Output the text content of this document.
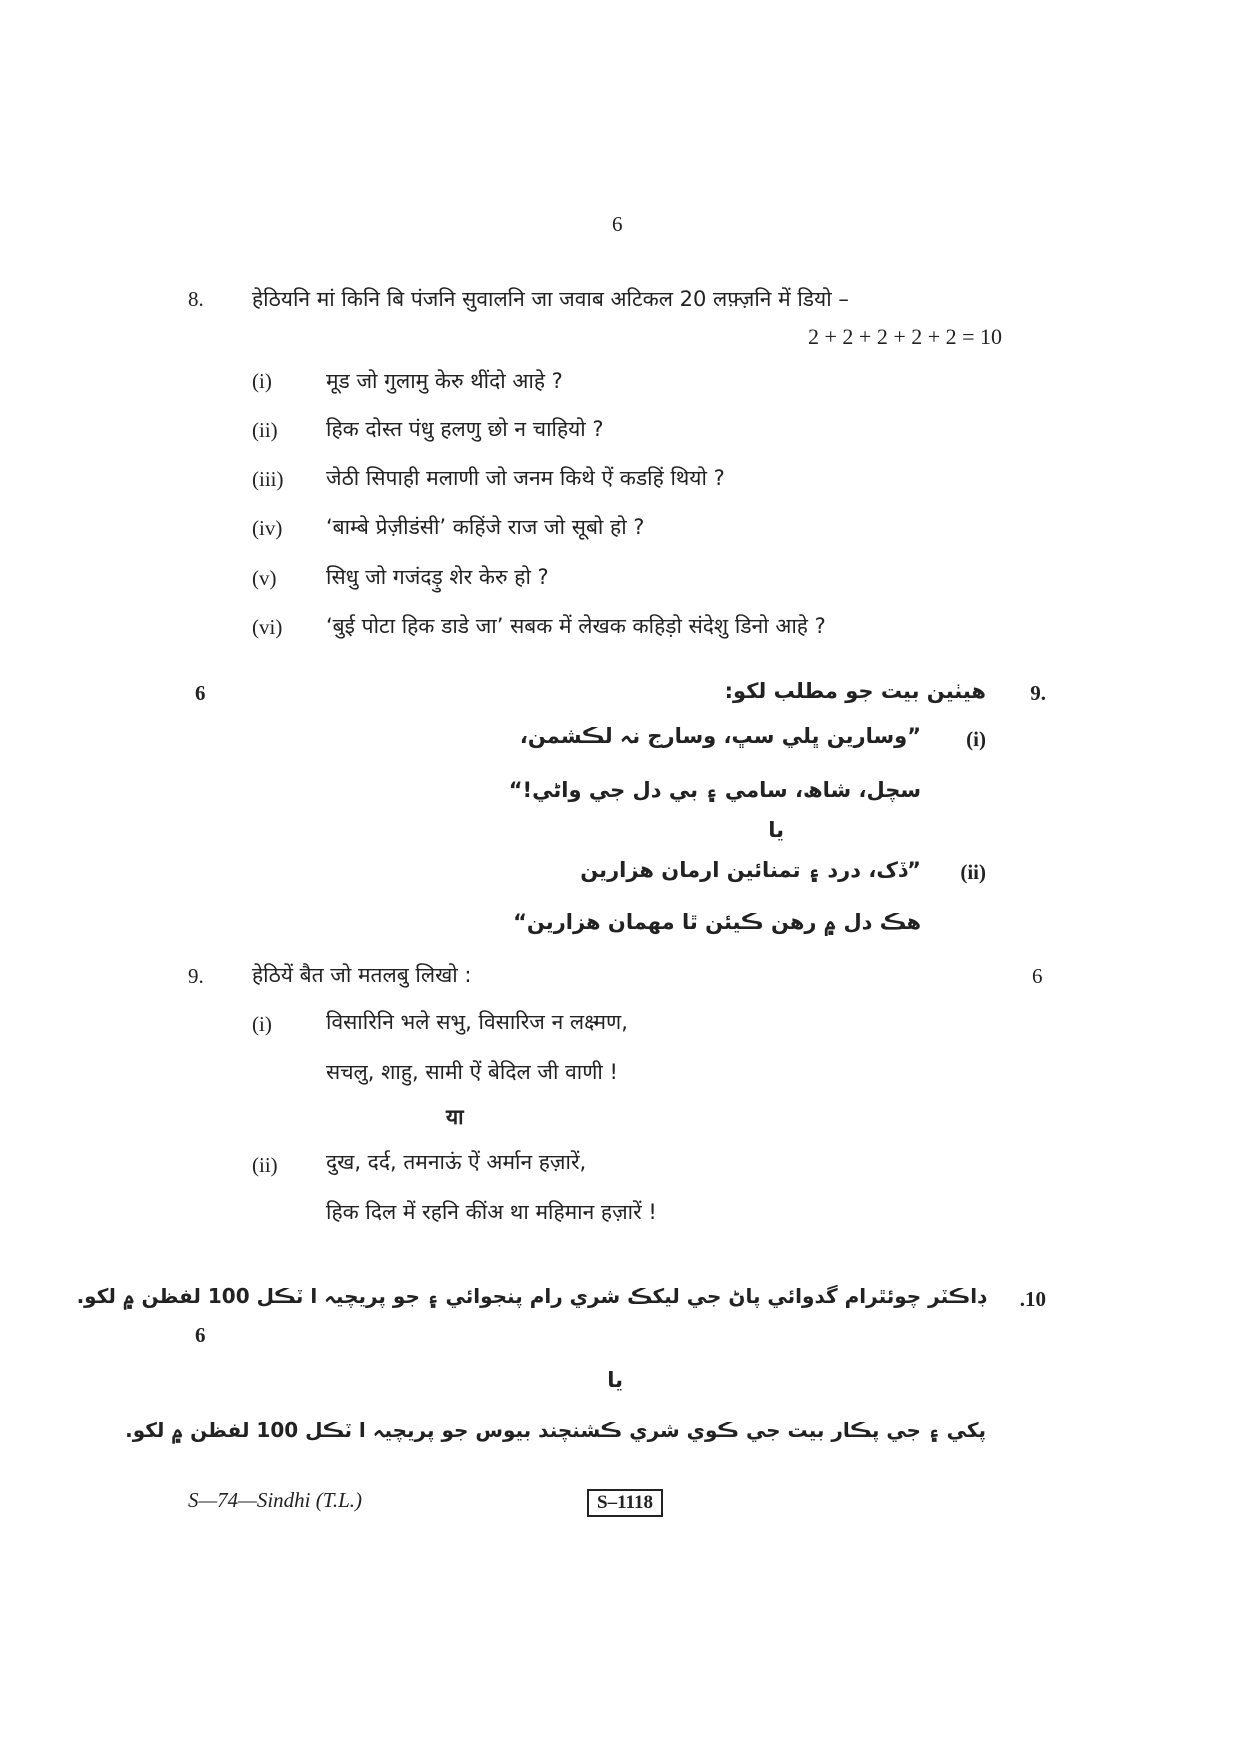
6
8. हेठियनि मां किनि बि पंजनि सुवालनि जा जवाब अटिकल 20 लफ़्ज़नि में डियो –
2 + 2 + 2 + 2 + 2 = 10
(i)	मूड जो गुलामु केरु थींदो आहे ?
(ii) हिक दोस्त पंधु हलणु छो न चाहियो ?
(iii) जेठी सिपाही मलाणी जो जनम किथे ऐं कडहिं थियो ?
(iv) ‘बाम्बे प्रेज़ीडंसी’ कहिंजे राज जो सूबो हो ?
(v) सिधु जो गजंदड़ु शेर केरु हो ?
(vi) ‘बुई पोटा हिक डाडे जा’ सबक में लेखक कहिड़ो संदेशु डिनो आहे ?
6	9.
هيٺين بيت جو مطلب لکو:
(i)
”وسارين ڀلي سڀ، وسارج نہ لڪشمن،
سچل، شاھ، سامي ۽ بي دل جي واڻي!“
يا
(ii)
”ڏک، درد ۽ تمنائين ارمان هزارين
هڪ دل ۾ رهن ڪيئن ٿا مهمان هزارين“
9. हेठियें बैत जो मतलबु लिखो :	6
(i)	विसारिनि भले सभु, विसारिज न लक्ष्मण,
सचलु, शाहु, सामी ऐं बेदिल जी वाणी !
या
(ii) दुख, दर्द, तमनाऊं ऐं अर्मान हज़ारें,
हिक दिल में रहनि कींअ था महिमान हज़ारें !
.10
ڊاڪٽر چوئٿرام گدوائي پاڻ جي ليکڪ شري رام پنجوائي ۽ جو پريچيہ ا ٽڪل 100 لفظن ۾ لکو.
6
يا
پکي ۽ جي پڪار بيت جي ڪوي شري ڪشنچند بيوس جو پريچيہ ا ٽڪل 100 لفظن ۾ لکو.
S—74—Sindhi (T.L.)	S–1118
